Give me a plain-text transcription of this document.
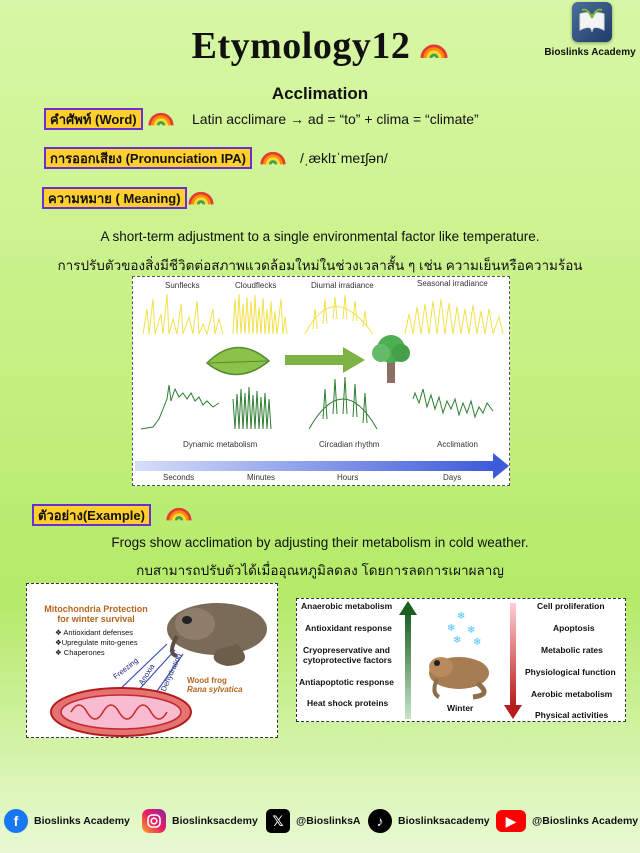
Etymology12	Bioslinks Academy
Acclimation
คำศัพท์ (Word)	Latin acclimare → ad = “to” + clima = “climate”
การออกเสียง (Pronunciation IPA)	/ˌæklɪˈmeɪʃən/
ความหมาย ( Meaning)
A short-term adjustment to a single environmental factor like temperature.
การปรับตัวของสิ่งมีชีวิตต่อสภาพแวดล้อมใหม่ในช่วงเวลาสั้น ๆ เช่น ความเย็นหรือความร้อน
Sunflecks	Cloudflecks	Diurnal irradiance	Seasonal irradiance
Dynamic metabolism	Circadian rhythm	Acclimation
Seconds	Minutes	Hours	Days
ตัวอย่าง(Example)
Frogs show acclimation by adjusting their metabolism in cold weather.
กบสามารถปรับตัวได้เมื่ออุณหภูมิลดลง โดยการลดการเผาผลาญ
Mitochondria Protection
for winter survival
❖ Antioxidant defenses
❖Upregulate mito-genes
❖ Chaperones
Freezing
Anoxia Dehydration Wood frog
Rana sylvatica
Anaerobic metabolism
Antioxidant response
Cryopreservative and
cytoprotective factors
Antiapoptotic response
Heat shock proteins
❄
❄ ❄
❄ ❄
Winter
Cell proliferation
Apoptosis
Metabolic rates
Physiological function
Aerobic metabolism
Physical activities
f	Bioslinks Academy	Bioslinksacdemy	𝕏	@BioslinksA	♪	Bioslinksacademy	▶	@Bioslinks Academy
